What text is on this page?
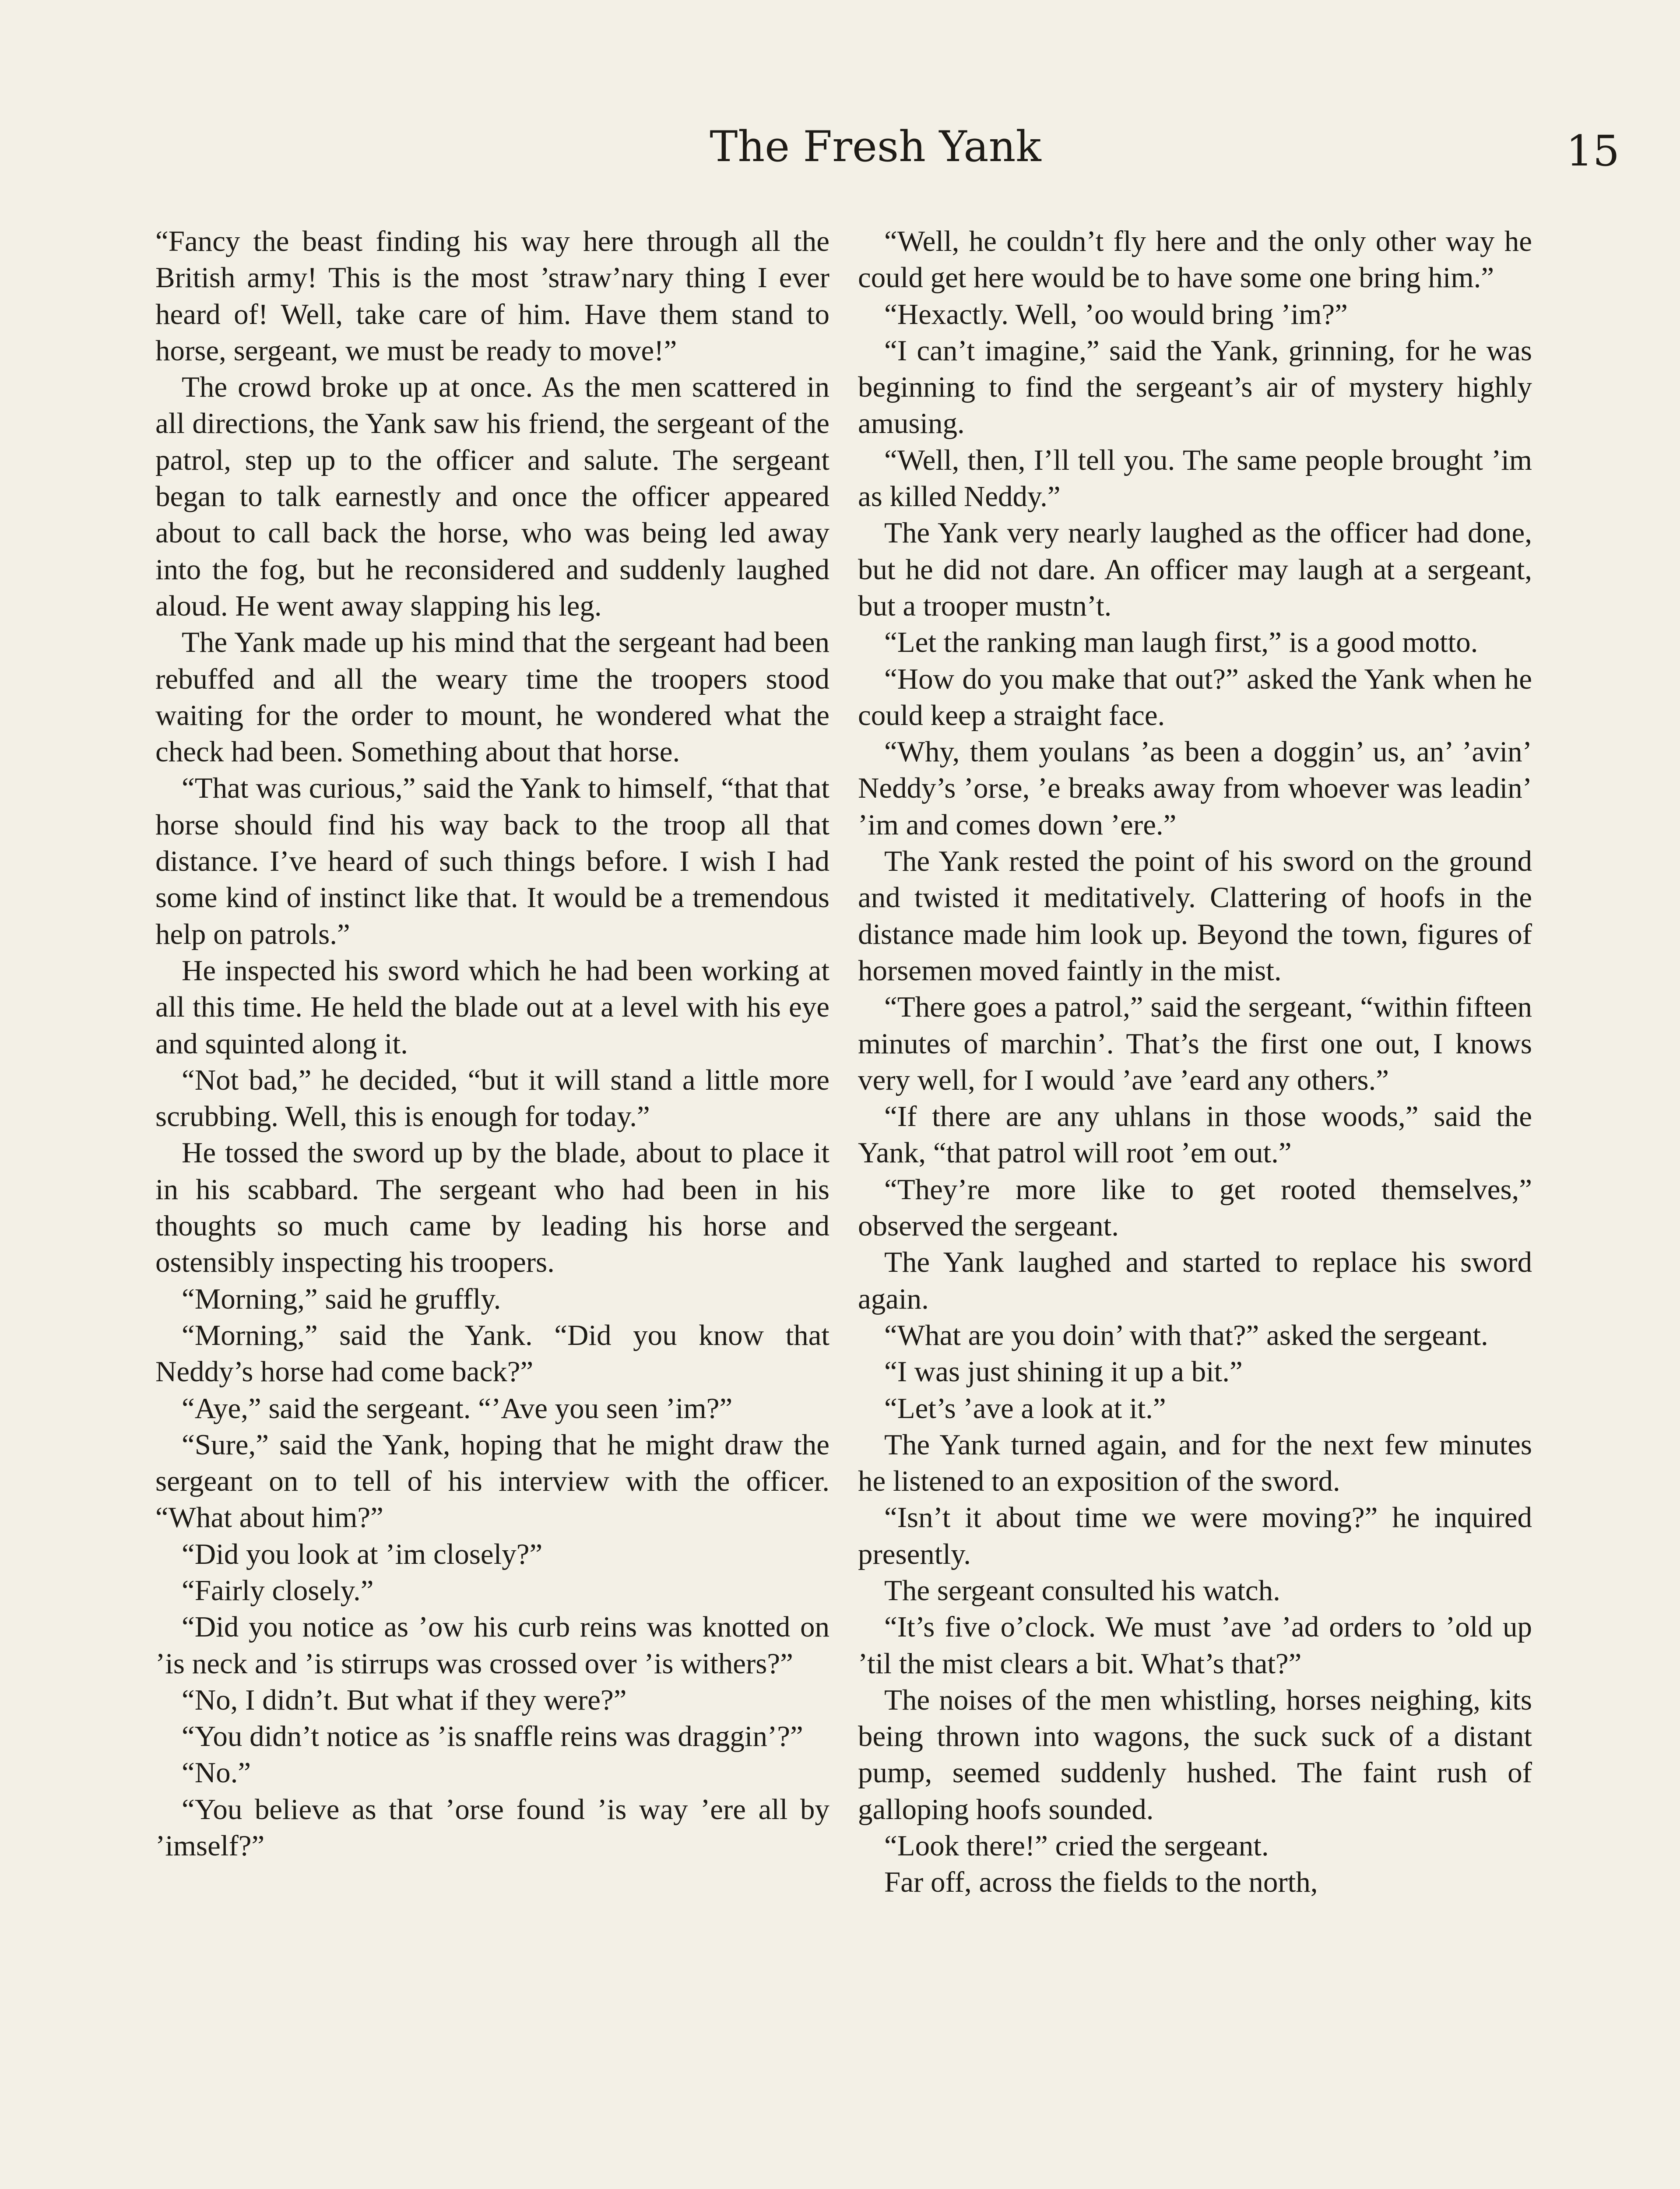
The Fresh Yank	15

“Fancy the beast finding his way here through all the British army! This is the most ’straw’nary thing I ever heard of! Well, take care of him. Have them stand to horse, sergeant, we must be ready to move!”

The crowd broke up at once. As the men scattered in all directions, the Yank saw his friend, the sergeant of the patrol, step up to the officer and salute. The sergeant began to talk earnestly and once the officer appeared about to call back the horse, who was being led away into the fog, but he reconsidered and suddenly laughed aloud. He went away slapping his leg.

The Yank made up his mind that the sergeant had been rebuffed and all the weary time the troopers stood waiting for the order to mount, he wondered what the check had been. Something about that horse.

“That was curious,” said the Yank to himself, “that that horse should find his way back to the troop all that distance. I’ve heard of such things before. I wish I had some kind of instinct like that. It would be a tremendous help on patrols.”

He inspected his sword which he had been working at all this time. He held the blade out at a level with his eye and squinted along it.

“Not bad,” he decided, “but it will stand a little more scrubbing. Well, this is enough for today.”

He tossed the sword up by the blade, about to place it in his scabbard. The sergeant who had been in his thoughts so much came by leading his horse and ostensibly inspecting his troopers.

“Morning,” said he gruffly.

“Morning,” said the Yank. “Did you know that Neddy’s horse had come back?”

“Aye,” said the sergeant. “’Ave you seen ’im?”

“Sure,” said the Yank, hoping that he might draw the sergeant on to tell of his interview with the officer. “What about him?”

“Did you look at ’im closely?”

“Fairly closely.”

“Did you notice as ’ow his curb reins was knotted on ’is neck and ’is stirrups was crossed over ’is withers?”

“No, I didn’t. But what if they were?”

“You didn’t notice as ’is snaffle reins was draggin’?”

“No.”

“You believe as that ’orse found ’is way ’ere all by ’imself?”

“Well, he couldn’t fly here and the only other way he could get here would be to have some one bring him.”

“Hexactly. Well, ’oo would bring ’im?”

“I can’t imagine,” said the Yank, grinning, for he was beginning to find the sergeant’s air of mystery highly amusing.

“Well, then, I’ll tell you. The same people brought ’im as killed Neddy.”

The Yank very nearly laughed as the officer had done, but he did not dare. An officer may laugh at a sergeant, but a trooper mustn’t.

“Let the ranking man laugh first,” is a good motto.

“How do you make that out?” asked the Yank when he could keep a straight face.

“Why, them youlans ’as been a doggin’ us, an’ ’avin’ Neddy’s ’orse, ’e breaks away from whoever was leadin’ ’im and comes down ’ere.”

The Yank rested the point of his sword on the ground and twisted it meditatively. Clattering of hoofs in the distance made him look up. Beyond the town, figures of horsemen moved faintly in the mist.

“There goes a patrol,” said the sergeant, “within fifteen minutes of marchin’. That’s the first one out, I knows very well, for I would ’ave ’eard any others.”

“If there are any uhlans in those woods,” said the Yank, “that patrol will root ’em out.”

“They’re more like to get rooted themselves,” observed the sergeant.

The Yank laughed and started to replace his sword again.

“What are you doin’ with that?” asked the sergeant.

“I was just shining it up a bit.”

“Let’s ’ave a look at it.”

The Yank turned again, and for the next few minutes he listened to an exposition of the sword.

“Isn’t it about time we were moving?” he inquired presently.

The sergeant consulted his watch.

“It’s five o’clock. We must ’ave ’ad orders to ’old up ’til the mist clears a bit. What’s that?”

The noises of the men whistling, horses neighing, kits being thrown into wagons, the suck suck of a distant pump, seemed suddenly hushed. The faint rush of galloping hoofs sounded.

“Look there!” cried the sergeant.

Far off, across the fields to the north,
